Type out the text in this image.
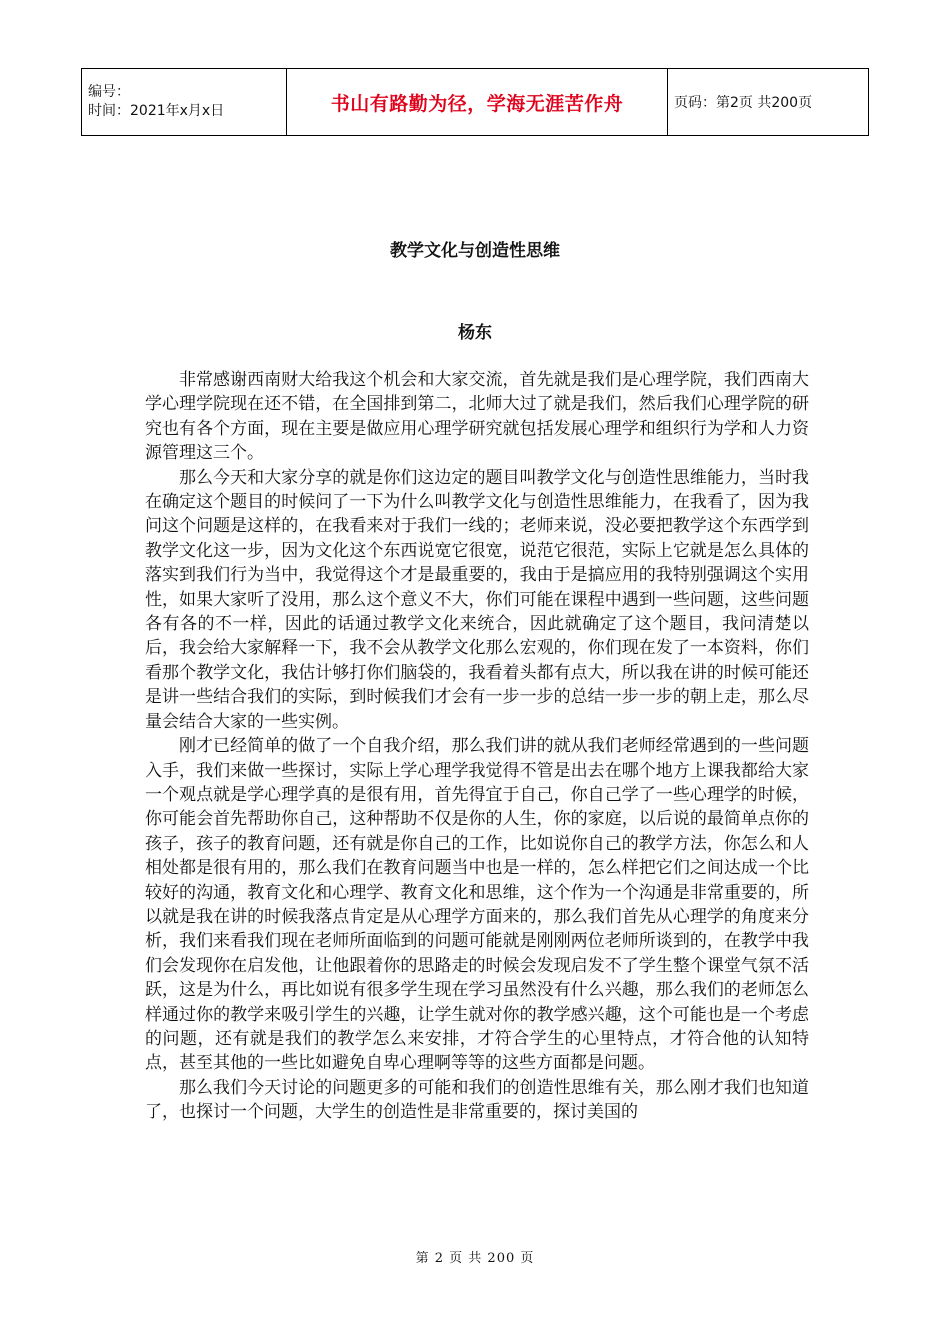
编号：
时间：2021年x月x日	书山有路勤为径，学海无涯苦作舟	页码：第2页 共200页
教学文化与创造性思维
杨东

非常感谢西南财大给我这个机会和大家交流，首先就是我们是心理学院，我们西南大学心理学院现在还不错，在全国排到第二，北师大过了就是我们，然后我们心理学院的研究也有各个方面，现在主要是做应用心理学研究就包括发展心理学和组织行为学和人力资源管理这三个。

那么今天和大家分享的就是你们这边定的题目叫教学文化与创造性思维能力，当时我在确定这个题目的时候问了一下为什么叫教学文化与创造性思维能力，在我看了，因为我问这个问题是这样的，在我看来对于我们一线的；老师来说，没必要把教学这个东西学到教学文化这一步，因为文化这个东西说宽它很宽，说范它很范，实际上它就是怎么具体的落实到我们行为当中，我觉得这个才是最重要的，我由于是搞应用的我特别强调这个实用性，如果大家听了没用，那么这个意义不大，你们可能在课程中遇到一些问题，这些问题各有各的不一样，因此的话通过教学文化来统合，因此就确定了这个题目，我问清楚以后，我会给大家解释一下，我不会从教学文化那么宏观的，你们现在发了一本资料，你们看那个教学文化，我估计够打你们脑袋的，我看着头都有点大，所以我在讲的时候可能还是讲一些结合我们的实际，到时候我们才会有一步一步的总结一步一步的朝上走，那么尽量会结合大家的一些实例。

刚才已经简单的做了一个自我介绍，那么我们讲的就从我们老师经常遇到的一些问题入手，我们来做一些探讨，实际上学心理学我觉得不管是出去在哪个地方上课我都给大家一个观点就是学心理学真的是很有用，首先得宜于自己，你自己学了一些心理学的时候，你可能会首先帮助你自己，这种帮助不仅是你的人生，你的家庭，以后说的最简单点你的孩子，孩子的教育问题，还有就是你自己的工作，比如说你自己的教学方法，你怎么和人相处都是很有用的，那么我们在教育问题当中也是一样的，怎么样把它们之间达成一个比较好的沟通，教育文化和心理学、教育文化和思维，这个作为一个沟通是非常重要的，所以就是我在讲的时候我落点肯定是从心理学方面来的，那么我们首先从心理学的角度来分析，我们来看我们现在老师所面临到的问题可能就是刚刚两位老师所谈到的，在教学中我们会发现你在启发他，让他跟着你的思路走的时候会发现启发不了学生整个课堂气氛不活跃，这是为什么，再比如说有很多学生现在学习虽然没有什么兴趣，那么我们的老师怎么样通过你的教学来吸引学生的兴趣，让学生就对你的教学感兴趣，这个可能也是一个考虑的问题，还有就是我们的教学怎么来安排，才符合学生的心里特点，才符合他的认知特点，甚至其他的一些比如避免自卑心理啊等等的这些方面都是问题。

那么我们今天讨论的问题更多的可能和我们的创造性思维有关，那么刚才我们也知道了，也探讨一个问题，大学生的创造性是非常重要的，探讨美国的

第 2 页 共 200 页
